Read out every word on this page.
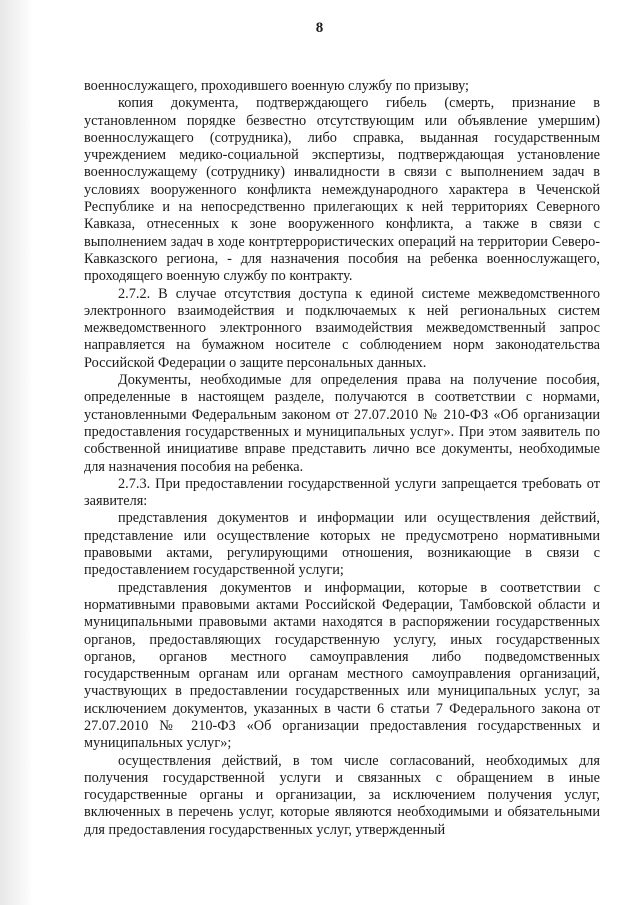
8

военнослужащего, проходившего военную службу по призыву;

копия документа, подтверждающего гибель (смерть, признание в установленном порядке безвестно отсутствующим или объявление умершим) военнослужащего (сотрудника), либо справка, выданная государственным учреждением медико-социальной экспертизы, подтверждающая установление военнослужащему (сотруднику) инвалидности в связи с выполнением задач в условиях вооруженного конфликта немеждународного характера в Чеченской Республике и на непосредственно прилегающих к ней территориях Северного Кавказа, отнесенных к зоне вооруженного конфликта, а также в связи с выполнением задач в ходе контртеррористических операций на территории Северо-Кавказского региона, - для назначения пособия на ребенка военнослужащего, проходящего военную службу по контракту.

2.7.2. В случае отсутствия доступа к единой системе межведомственного электронного взаимодействия и подключаемых к ней региональных систем межведомственного электронного взаимодействия межведомственный запрос направляется на бумажном носителе с соблюдением норм законодательства Российской Федерации о защите персональных данных.

Документы, необходимые для определения права на получение пособия, определенные в настоящем разделе, получаются в соответствии с нормами, установленными Федеральным законом от 27.07.2010 № 210-ФЗ «Об организации предоставления государственных и муниципальных услуг». При этом заявитель по собственной инициативе вправе представить лично все документы, необходимые для назначения пособия на ребенка.

2.7.3. При предоставлении государственной услуги запрещается требовать от заявителя:

представления документов и информации или осуществления действий, представление или осуществление которых не предусмотрено нормативными правовыми актами, регулирующими отношения, возникающие в связи с предоставлением государственной услуги;

представления документов и информации, которые в соответствии с нормативными правовыми актами Российской Федерации, Тамбовской области и муниципальными правовыми актами находятся в распоряжении государственных органов, предоставляющих государственную услугу, иных государственных органов, органов местного самоуправления либо подведомственных государственным органам или органам местного самоуправления организаций, участвующих в предоставлении государственных или муниципальных услуг, за исключением документов, указанных в части 6 статьи 7 Федерального закона от 27.07.2010 № 210-ФЗ «Об организации предоставления государственных и муниципальных услуг»;

осуществления действий, в том числе согласований, необходимых для получения государственной услуги и связанных с обращением в иные государственные органы и организации, за исключением получения услуг, включенных в перечень услуг, которые являются необходимыми и обязательными для предоставления государственных услуг, утвержденный
